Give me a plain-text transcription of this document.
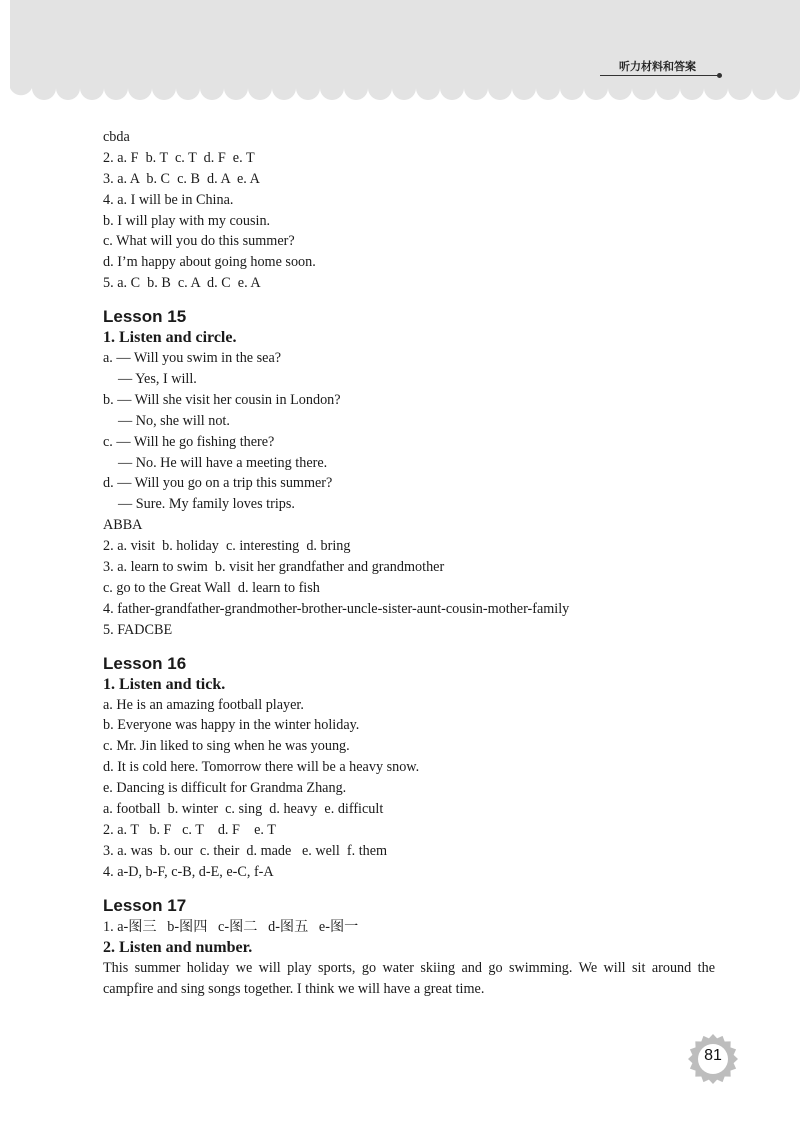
听力材料和答案
cbda
2. a. F  b. T  c. T  d. F  e. T
3. a. A  b. C  c. B  d. A  e. A
4. a. I will be in China.
b. I will play with my cousin.
c. What will you do this summer?
d. I’m happy about going home soon.
5. a. C  b. B  c. A  d. C  e. A
Lesson 15
1. Listen and circle.
a. — Will you swim in the sea?
— Yes, I will.
b. — Will she visit her cousin in London?
— No, she will not.
c. — Will he go fishing there?
— No. He will have a meeting there.
d. — Will you go on a trip this summer?
— Sure. My family loves trips.
ABBA
2. a. visit  b. holiday  c. interesting  d. bring
3. a. learn to swim  b. visit her grandfather and grandmother
c. go to the Great Wall  d. learn to fish
4. father-grandfather-grandmother-brother-uncle-sister-aunt-cousin-mother-family
5. FADCBE
Lesson 16
1. Listen and tick.
a. He is an amazing football player.
b. Everyone was happy in the winter holiday.
c. Mr. Jin liked to sing when he was young.
d. It is cold here. Tomorrow there will be a heavy snow.
e. Dancing is difficult for Grandma Zhang.
a. football  b. winter  c. sing  d. heavy  e. difficult
2. a. T   b. F   c. T    d. F    e. T
3. a. was  b. our  c. their  d. made   e. well  f. them
4. a-D, b-F, c-B, d-E, e-C, f-A
Lesson 17
1. a-图三   b-图四   c-图二   d-图五   e-图一
2. Listen and number.
This summer holiday we will play sports, go water skiing and go swimming. We will sit around the campfire and sing songs together. I think we will have a great time.
81
